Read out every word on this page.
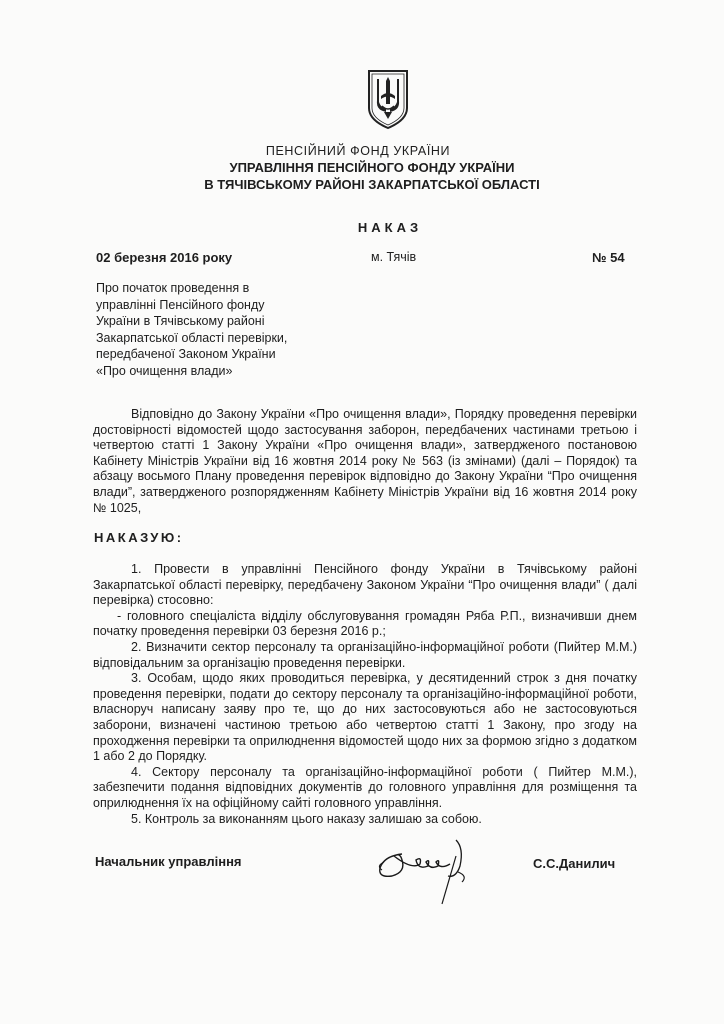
ПЕНСІЙНИЙ ФОНД УКРАЇНИ
УПРАВЛІННЯ ПЕНСІЙНОГО ФОНДУ УКРАЇНИ
В ТЯЧІВСЬКОМУ РАЙОНІ ЗАКАРПАТСЬКОЇ ОБЛАСТІ
НАКАЗ
02 березня 2016 року	м. Тячів	№ 54
Про початок проведення в
управлінні Пенсійного фонду
України в Тячівському районі
Закарпатської області перевірки,
передбаченої Законом України
«Про очищення влади»
Відповідно до Закону України «Про очищення влади», Порядку проведення перевірки достовірності відомостей щодо застосування заборон, передбачених частинами третьою і четвертою статті 1 Закону України «Про очищення влади», затвердженого постановою Кабінету Міністрів України від 16 жовтня 2014 року № 563 (із змінами) (далі – Порядок) та абзацу восьмого Плану проведення перевірок відповідно до Закону України “Про очищення влади”, затвердженого розпорядженням Кабінету Міністрів України від 16 жовтня 2014 року № 1025,
НАКАЗУЮ:

1. Провести в управлінні Пенсійного фонду України в Тячівському районі Закарпатської області перевірку, передбачену Законом України “Про очищення влади” ( далі перевірка) стосовно:

- головного спеціаліста відділу обслуговування громадян Ряба Р.П., визначивши днем початку проведення перевірки 03 березня 2016 р.;

2. Визначити сектор персоналу та організаційно-інформаційної роботи (Пийтер М.М.) відповідальним за організацію проведення перевірки.

3. Особам, щодо яких проводиться перевірка, у десятиденний строк з дня початку проведення перевірки, подати до сектору персоналу та організаційно-інформаційної роботи, власноруч написану заяву про те, що до них застосовуються або не застосовуються заборони, визначені частиною третьою або четвертою статті 1 Закону, про згоду на проходження перевірки та оприлюднення відомостей щодо них за формою згідно з додатком 1 або 2 до Порядку.

4. Сектору персоналу та організаційно-інформаційної роботи ( Пийтер М.М.), забезпечити подання відповідних документів до головного управління для розміщення та оприлюднення їх на офіційному сайті головного управління.

5. Контроль за виконанням цього наказу залишаю за собою.

Начальник управління	С.С.Данилич
